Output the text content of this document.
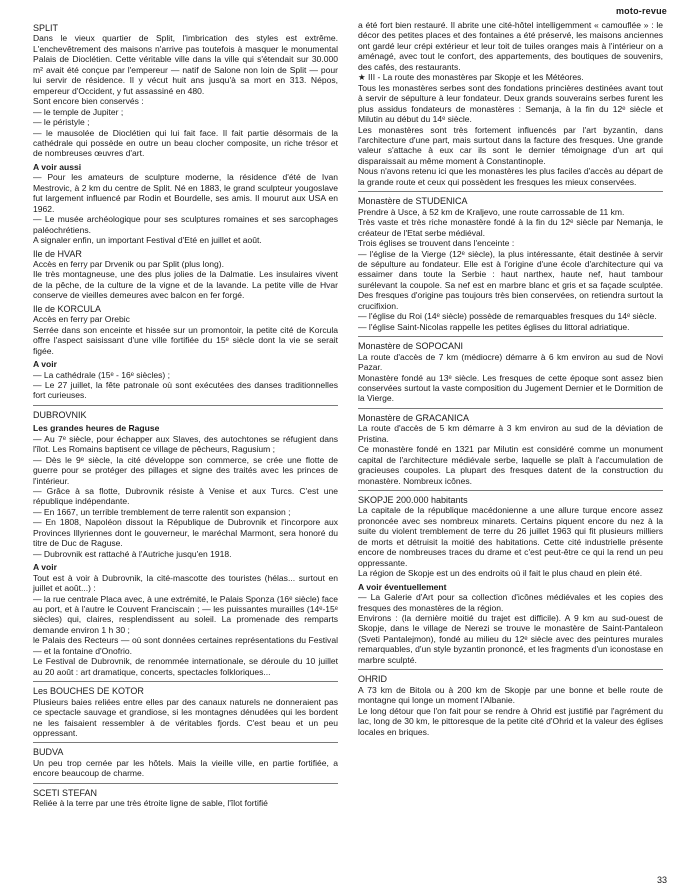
moto-revue

SPLIT

Dans le vieux quartier de Split, l'imbrication des styles est extrême. L'enchevêtrement des maisons n'arrive pas toutefois à masquer le monumental Palais de Dioclétien. Cette véritable ville dans la ville qui s'étendait sur 30.000 m² avait été conçue par l'empereur — natif de Salone non loin de Split — pour lui servir de résidence. Il y vécut huit ans jusqu'à sa mort en 313. Népos, empereur d'Occident, y fut assassiné en 480.

Sont encore bien conservés :

— le temple de Jupiter ;

— le péristyle ;

— le mausolée de Dioclétien qui lui fait face. Il fait partie désormais de la cathédrale qui possède en outre un beau clocher composite, un riche trésor et de nombreuses œuvres d'art.

A voir aussi

— Pour les amateurs de sculpture moderne, la résidence d'été de Ivan Mestrovic, à 2 km du centre de Split. Né en 1883, le grand sculpteur yougoslave fut largement influencé par Rodin et Bourdelle, ses amis. Il mourut aux USA en 1962.

— Le musée archéologique pour ses sculptures romaines et ses sarcophages paléochrétiens.

A signaler enfin, un important Festival d'Eté en juillet et août.

Ile de HVAR

Accès en ferry par Drvenik ou par Split (plus long).

Ile très montagneuse, une des plus jolies de la Dalmatie. Les insulaires vivent de la pêche, de la culture de la vigne et de la lavande. La petite ville de Hvar conserve de vieilles demeures avec balcon en fer forgé.

Ile de KORCULA

Accès en ferry par Orebic

Serrée dans son enceinte et hissée sur un promontoir, la petite cité de Korcula offre l'aspect saisissant d'une ville fortifiée du 15ᵉ siècle dont la vie se serait figée.

A voir

— La cathédrale (15ᵉ - 16ᵉ siècles) ;

— Le 27 juillet, la fête patronale où sont exécutées des danses traditionnelles fort curieuses.

DUBROVNIK

Les grandes heures de Raguse

— Au 7ᵉ siècle, pour échapper aux Slaves, des autochtones se réfugient dans l'îlot. Les Romains baptisent ce village de pêcheurs, Ragusium ;

— Dès le 9ᵉ siècle, la cité développe son commerce, se crée une flotte de guerre pour se protéger des pillages et signe des traités avec les princes de l'intérieur.

— Grâce à sa flotte, Dubrovnik résiste à Venise et aux Turcs. C'est une république indépendante.

— En 1667, un terrible tremblement de terre ralentit son expansion ;

— En 1808, Napoléon dissout la République de Dubrovnik et l'incorpore aux Provinces Illyriennes dont le gouverneur, le maréchal Marmont, sera honoré du titre de Duc de Raguse.

— Dubrovnik est rattaché à l'Autriche jusqu'en 1918.

A voir

Tout est à voir à Dubrovnik, la cité-mascotte des touristes (hélas... surtout en juillet et août...) :

— la rue centrale Placa avec, à une extrémité, le Palais Sponza (16ᵉ siècle) face au port, et à l'autre le Couvent Franciscain ; — les puissantes murailles (14ᵉ-15ᵉ siècles) qui, claires, resplendissent au soleil. La promenade des remparts demande environ 1 h 30 ;

le Palais des Recteurs — où sont données certaines représentations du Festival — et la fontaine d'Onofrio.

Le Festival de Dubrovnik, de renommée internationale, se déroule du 10 juillet au 20 août : art dramatique, concerts, spectacles folkloriques...

Les BOUCHES DE KOTOR

Plusieurs baies reliées entre elles par des canaux naturels ne donneraient pas ce spectacle sauvage et grandiose, si les montagnes dénudées qui les bordent ne les faisaient ressembler à de véritables fjords. C'est beau et un peu oppressant.

BUDVA

Un peu trop cernée par les hôtels. Mais la vieille ville, en partie fortifiée, a encore beaucoup de charme.

SCETI STEFAN

Reliée à la terre par une très étroite ligne de sable, l'îlot fortifié

a été fort bien restauré. Il abrite une cité-hôtel intelligemment « camouflée » : le décor des petites places et des fontaines a été préservé, les maisons anciennes ont gardé leur crépi extérieur et leur toit de tuiles oranges mais à l'intérieur on a aménagé, avec tout le confort, des appartements, des boutiques de souvenirs, des cafés, des restaurants.

★ III - La route des monastères par Skopje et les Météores.

Tous les monastères serbes sont des fondations princières destinées avant tout à servir de sépulture à leur fondateur. Deux grands souverains serbes furent les plus assidus fondateurs de monastères : Semanja, à la fin du 12ᵉ siècle et Milutin au début du 14ᵉ siècle.

Les monastères sont très fortement influencés par l'art byzantin, dans l'architecture d'une part, mais surtout dans la facture des fresques. Une grande valeur s'attache à eux car ils sont le dernier témoignage d'un art qui disparaissait au même moment à Constantinople.

Nous n'avons retenu ici que les monastères les plus faciles d'accès au départ de la grande route et ceux qui possèdent les fresques les mieux conservées.

Monastère de STUDENICA

Prendre à Usce, à 52 km de Kraljevo, une route carrossable de 11 km.

Très vaste et très riche monastère fondé à la fin du 12ᵉ siècle par Nemanja, le créateur de l'Etat serbe médiéval.

Trois églises se trouvent dans l'enceinte :

— l'église de la Vierge (12ᵉ siècle), la plus intéressante, était destinée à servir de sépulture au fondateur. Elle est à l'origine d'une école d'architecture qui va essaimer dans toute la Serbie : haut narthex, haute nef, haut tambour surélevant la coupole. Sa nef est en marbre blanc et gris et sa façade sculptée. Des fresques d'origine pas toujours très bien conservées, on retiendra surtout la crucifixion.

— l'église du Roi (14ᵉ siècle) possède de remarquables fresques du 14ᵉ siècle.

— l'église Saint-Nicolas rappelle les petites églises du littoral adriatique.

Monastère de SOPOCANI

La route d'accès de 7 km (médiocre) démarre à 6 km environ au sud de Novi Pazar.

Monastère fondé au 13ᵉ siècle. Les fresques de cette époque sont assez bien conservées surtout la vaste composition du Jugement Dernier et le Dormition de la Vierge.

Monastère de GRACANICA

La route d'accès de 5 km démarre à 3 km environ au sud de la déviation de Pristina.

Ce monastère fondé en 1321 par Milutin est considéré comme un monument capital de l'architecture médiévale serbe, laquelle se plaît à l'accumulation de gracieuses coupoles. La plupart des fresques datent de la construction du monastère. Nombreux icônes.

SKOPJE 200.000 habitants

La capitale de la république macédonienne a une allure turque encore assez prononcée avec ses nombreux minarets. Certains piquent encore du nez à la suite du violent tremblement de terre du 26 juillet 1963 qui fit plusieurs milliers de morts et détruisit la moitié des habitations. Cette cité industrielle présente encore de nombreuses traces du drame et c'est peut-être ce qui la rend un peu oppressante.

La région de Skopje est un des endroits où il fait le plus chaud en plein été.

A voir éventuellement

— La Galerie d'Art pour sa collection d'icônes médiévales et les copies des fresques des monastères de la région.

Environs : (la dernière moitié du trajet est difficile). A 9 km au sud-ouest de Skopje, dans le village de Nerezi se trouve le monastère de Saint-Pantaleon (Sveti Pantalejmon), fondé au milieu du 12ᵉ siècle avec des peintures murales remarquables, d'un style byzantin prononcé, et les fragments d'un iconostase en marbre sculpté.

OHRID

A 73 km de Bitola ou à 200 km de Skopje par une bonne et belle route de montagne qui longe un moment l'Albanie.

Le long détour que l'on fait pour se rendre à Ohrid est justifié par l'agrément du lac, long de 30 km, le pittoresque de la petite cité d'Ohrid et la valeur des églises locales en briques.

33
